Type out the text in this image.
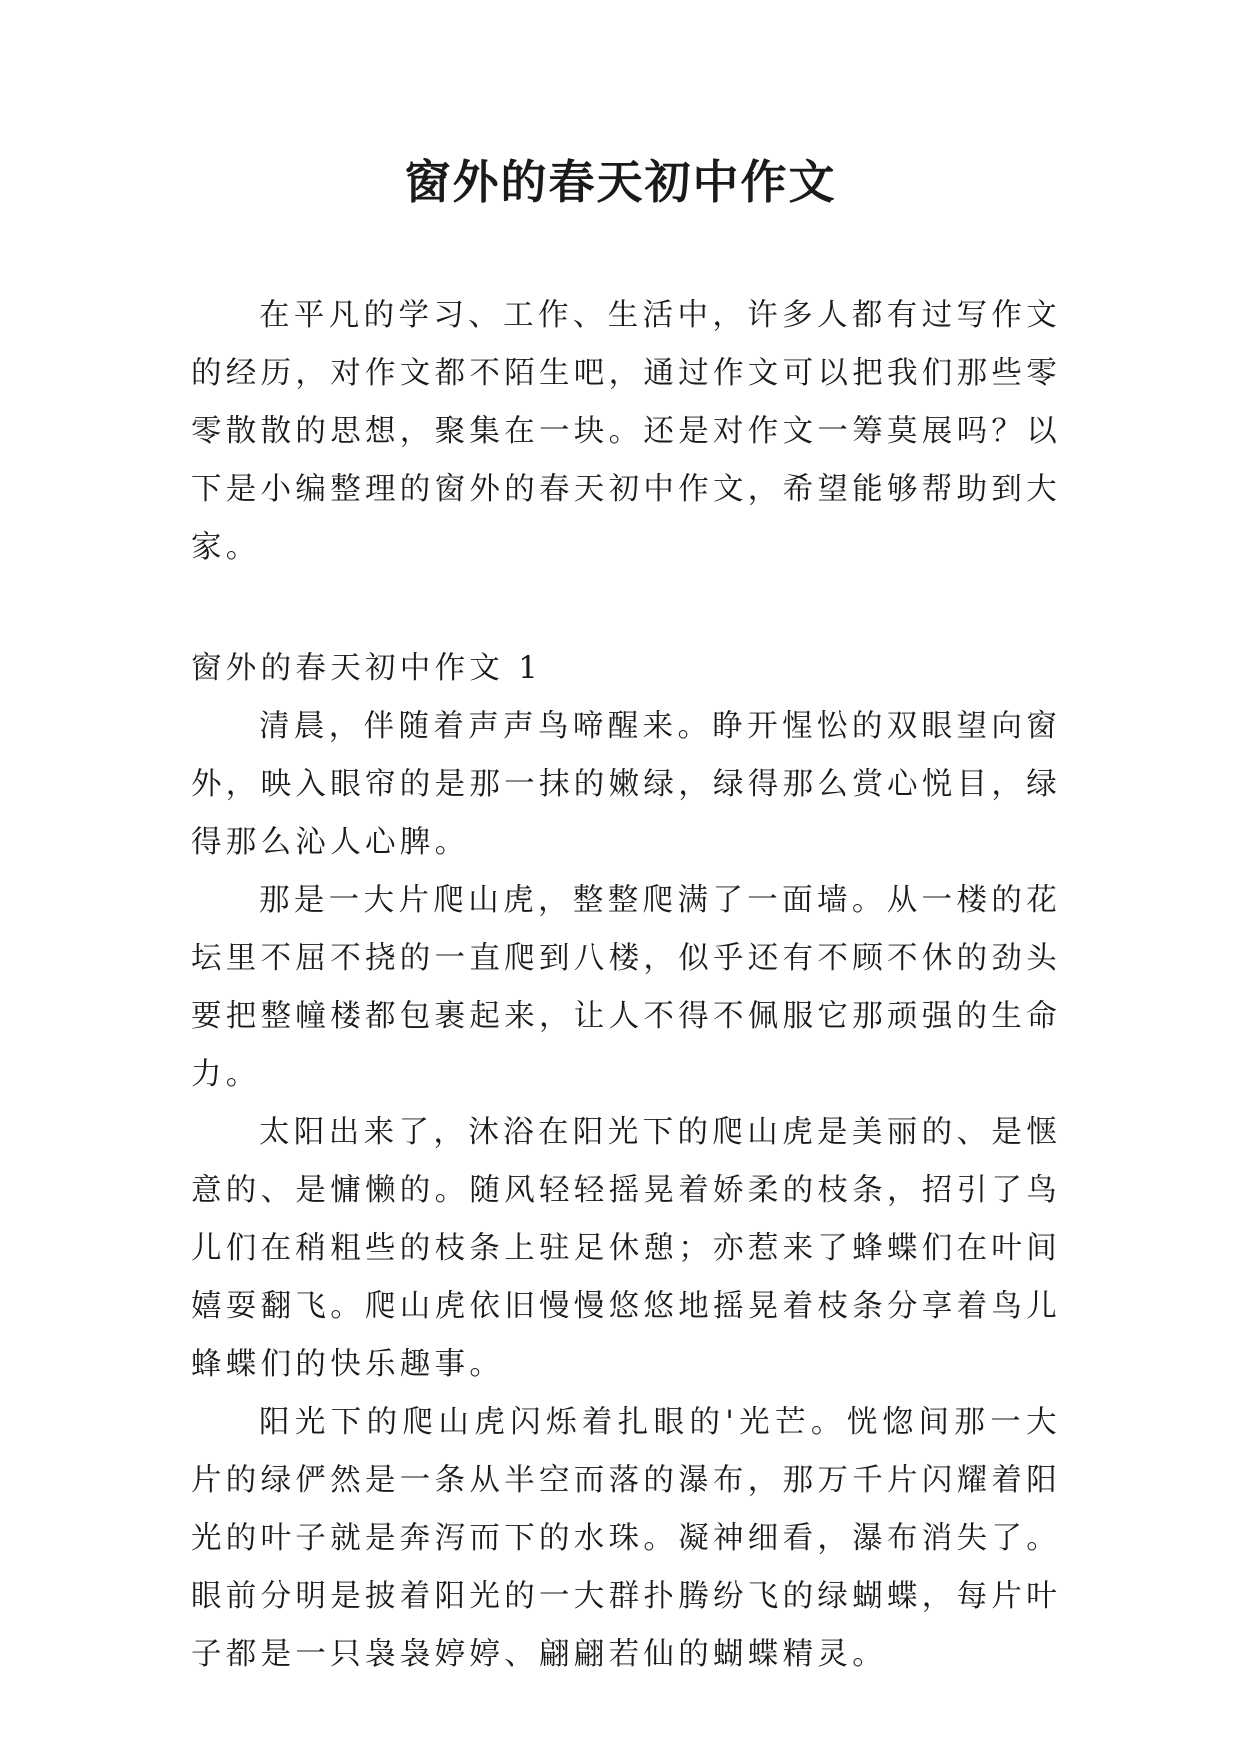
窗外的春天初中作文

在平凡的学习、工作、生活中，许多人都有过写作文的经历，对作文都不陌生吧，通过作文可以把我们那些零零散散的思想，聚集在一块。还是对作文一筹莫展吗？以下是小编整理的窗外的春天初中作文，希望能够帮助到大家。

窗外的春天初中作文 1

清晨，伴随着声声鸟啼醒来。睁开惺忪的双眼望向窗外，映入眼帘的是那一抹的嫩绿，绿得那么赏心悦目，绿得那么沁人心脾。

那是一大片爬山虎，整整爬满了一面墙。从一楼的花坛里不屈不挠的一直爬到八楼，似乎还有不顾不休的劲头要把整幢楼都包裹起来，让人不得不佩服它那顽强的生命力。

太阳出来了，沐浴在阳光下的爬山虎是美丽的、是惬意的、是慵懒的。随风轻轻摇晃着娇柔的枝条，招引了鸟儿们在稍粗些的枝条上驻足休憩；亦惹来了蜂蝶们在叶间嬉耍翻飞。爬山虎依旧慢慢悠悠地摇晃着枝条分享着鸟儿蜂蝶们的快乐趣事。

阳光下的爬山虎闪烁着扎眼的'光芒。恍惚间那一大片的绿俨然是一条从半空而落的瀑布，那万千片闪耀着阳光的叶子就是奔泻而下的水珠。凝神细看，瀑布消失了。眼前分明是披着阳光的一大群扑腾纷飞的绿蝴蝶，每片叶子都是一只袅袅婷婷、翩翩若仙的蝴蝶精灵。
